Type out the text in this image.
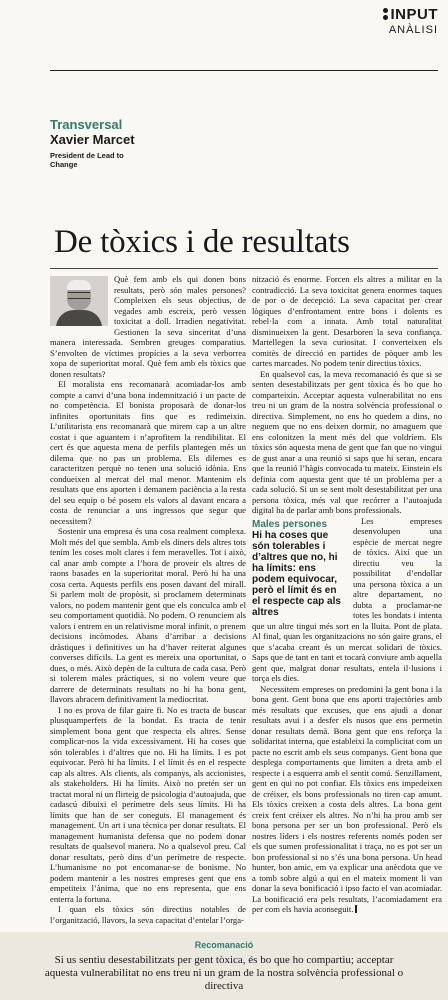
INPUT
ANÀLISI
Transversal
Xavier Marcet
President de Lead to Change
De tòxics i de resultats

Què fem amb els qui donen bons resultats, però són males persones? Compleixen els seus objectius, de vegades amb escreix, però vessen toxicitat a doll. Irradien negativitat. Gestionen la seva sinceritat d’una manera interessada. Sembren greuges comparatius. S’envolten de víctimes propícies a la seva verborrea xopa de superioritat moral. Què fem amb els tòxics que donen resultats?

El moralista ens recomanarà acomiadar-los amb compte a canvi d’una bona indemnització i un pacte de no competència. El bonista proposarà de donar-los infinites oportunitats fins que es redimeixin. L’utilitarista ens recomanarà que mirem cap a un altre costat i que aguantem i n’aprofitem la rendibilitat. El cert és que aquesta mena de perfils plantegen més un dilema que no pas un problema. Els dilemes es caracteritzen perquè no tenen una solució idònia. Ens condueixen al mercat del mal menor. Mantenim els resultats que ens aporten i demanem paciència a la resta del seu equip o bé posem els valors al davant encara a costa de renunciar a uns ingressos que segur que necessitem?

Sostenir una empresa és una cosa realment complexa. Molt més del que sembla. Amb els diners dels altres tots tenim les coses molt clares i fem meravelles. Tot i això, cal anar amb compte a l’hora de proveir els altres de raons basades en la superioritat moral. Però hi ha una cosa certa. Aquests perfils ens posen davant del mirall. Si parlem molt de propòsit, si proclamem determinats valors, no podem mantenir gent que els conculca amb el seu comportament quotidià. No podem. O renunciem als valors i entrem en un relativisme moral infinit, o prenem decisions incòmodes. Abans d’arribar a decisions dràstiques i definitives un ha d’haver reiterat algunes converses difícils. La gent es mereix una oportunitat, o dues, o més. Això depèn de la cultura de cada casa. Però si tolerem males pràctiques, si no volem veure que darrere de determinats resultats no hi ha bona gent, llavors abracem definitivament la mediocritat.

I no es prova de filar gaire fi. No es tracta de buscar plusquamperfets de la bondat. Es tracta de tenir simplement bona gent que respecta els altres. Sense complicar-nos la vida excessivament. Hi ha coses que són tolerables i d’altres que no. Hi ha límits. I es pot equivocar. Però hi ha límits. I el límit és en el respecte cap als altres. Als clients, als companys, als accionistes, als stakeholders. Hi ha límits. Això no pretén ser un tractat moral ni un flirteig de psicologia d’autoajuda, que cadascú dibuixi el perímetre dels seus límits. Hi ha límits que han de ser coneguts. El management és management. Un art i una tècnica per donar resultats. El management humanista defensa que no podem donar resultats de qualsevol manera. No a qualsevol preu. Cal donar resultats, però dins d’un perímetre de respecte. L’humanisme no pot encomanar-se de bonisme. No podem mantenir a les nostres empreses gent que ens empetiteix l’ànima, que no ens representa, que ens enterra la fortuna.

I quan els tòxics són directius notables de l’organització, llavors, la seva capacitat d’entelar l’orga-

nització és enorme. Forcen els altres a militar en la contradicció. La seva toxicitat genera enormes taques de por o de decepció. La seva capacitat per crear lògiques d’enfrontament entre bons i dolents es rebel·la com a innata. Amb total naturalitat disminueixen la gent. Desarboren la seva confiança. Martellegen la seva curiositat. I converteixen els comitès de direcció en partides de pòquer amb les cartes marcades. No podem tenir directius tòxics.

En qualsevol cas, la meva recomanació és que si se senten desestabilitzats per gent tòxica és bo que ho comparteixin. Acceptar aquesta vulnerabilitat no ens treu ni un gram de la nostra solvència professional o directiva. Simplement, no ens ho quedem a dins, no neguem que no ens deixen dormir, no amaguem que ens colonitzen la ment més del que voldríem. Els tòxics són aquesta mena de gent que fan que no vingui de gust anar a una reunió si saps que hi seran, encara que la reunió l’hàgis convocada tu mateix. Einstein els definia com aquesta gent que té un problema per a cada solució. Si un se sent molt desestabilitzat per una persona tòxica, més val que recórrer a l’autoajuda digital ha de parlar amb bons professionals.

Males persones
Hi ha coses que són tolerables i d’altres que no, hi ha límits: ens podem equivocar, però el límit és en el respecte cap als altres

Les empreses desenvolupen una espècie de mercat negre de tòxics. Així que un directiu veu la possibilitat d’endollar una persona tòxica a un altre departament, no dubta a proclamar-ne totes les bondats i intenta que un altre tingui més sort en la lluita. Pont de plata. Al final, quan les organitzacions no són gaire grans, el que s’acaba creant és un mercat solidari de tòxics. Saps que de tant en tant et tocarà conviure amb aquella gent que, malgrat donar resultats, entela il·lusions i torça els dies.

Necessitem empreses on predomini la gent bona i la bona gent. Gent bona que ens aporti trajectòries amb més resultats que excuses, que ens ajudi a donar resultats avui i a desfer els nusos que ens permetin donar resultats demà. Bona gent que ens reforça la solidaritat interna, que estableixi la complicitat com un pacte no escrit amb els seus companys. Gent bona que desplega comportaments que limiten a dreta amb el respecte i a esquerra amb el sentit comú. Senzillament, gent en qui no pot confiar. Els tòxics ens impedeixen de créixer, els bons professionals no tiren cap amunt. Els tòxics creixen a costa dels altres. La bona gent creix fent créixer els altres. No n’hi ha prou amb ser bona persona per ser un bon professional. Però els nostres líders i els nostres referents només poden ser els que sumen professionalitat i traça, no es pot ser un bon professional si no s’és una bona persona. Un head hunter, bon amic, em va explicar una anècdota que ve a tomb sobre algú a qui en el mateix moment li van donar la seva bonificació i ipso facto el van acomiadar. La bonificació era pels resultats, l’acomiadament era per com els havia aconseguit.

Recomanació
Si us sentiu desestabilitzats per gent tòxica, és bo que ho compartiu; acceptar aquesta vulnerabilitat no ens treu ni un gram de la nostra solvència professional o directiva
